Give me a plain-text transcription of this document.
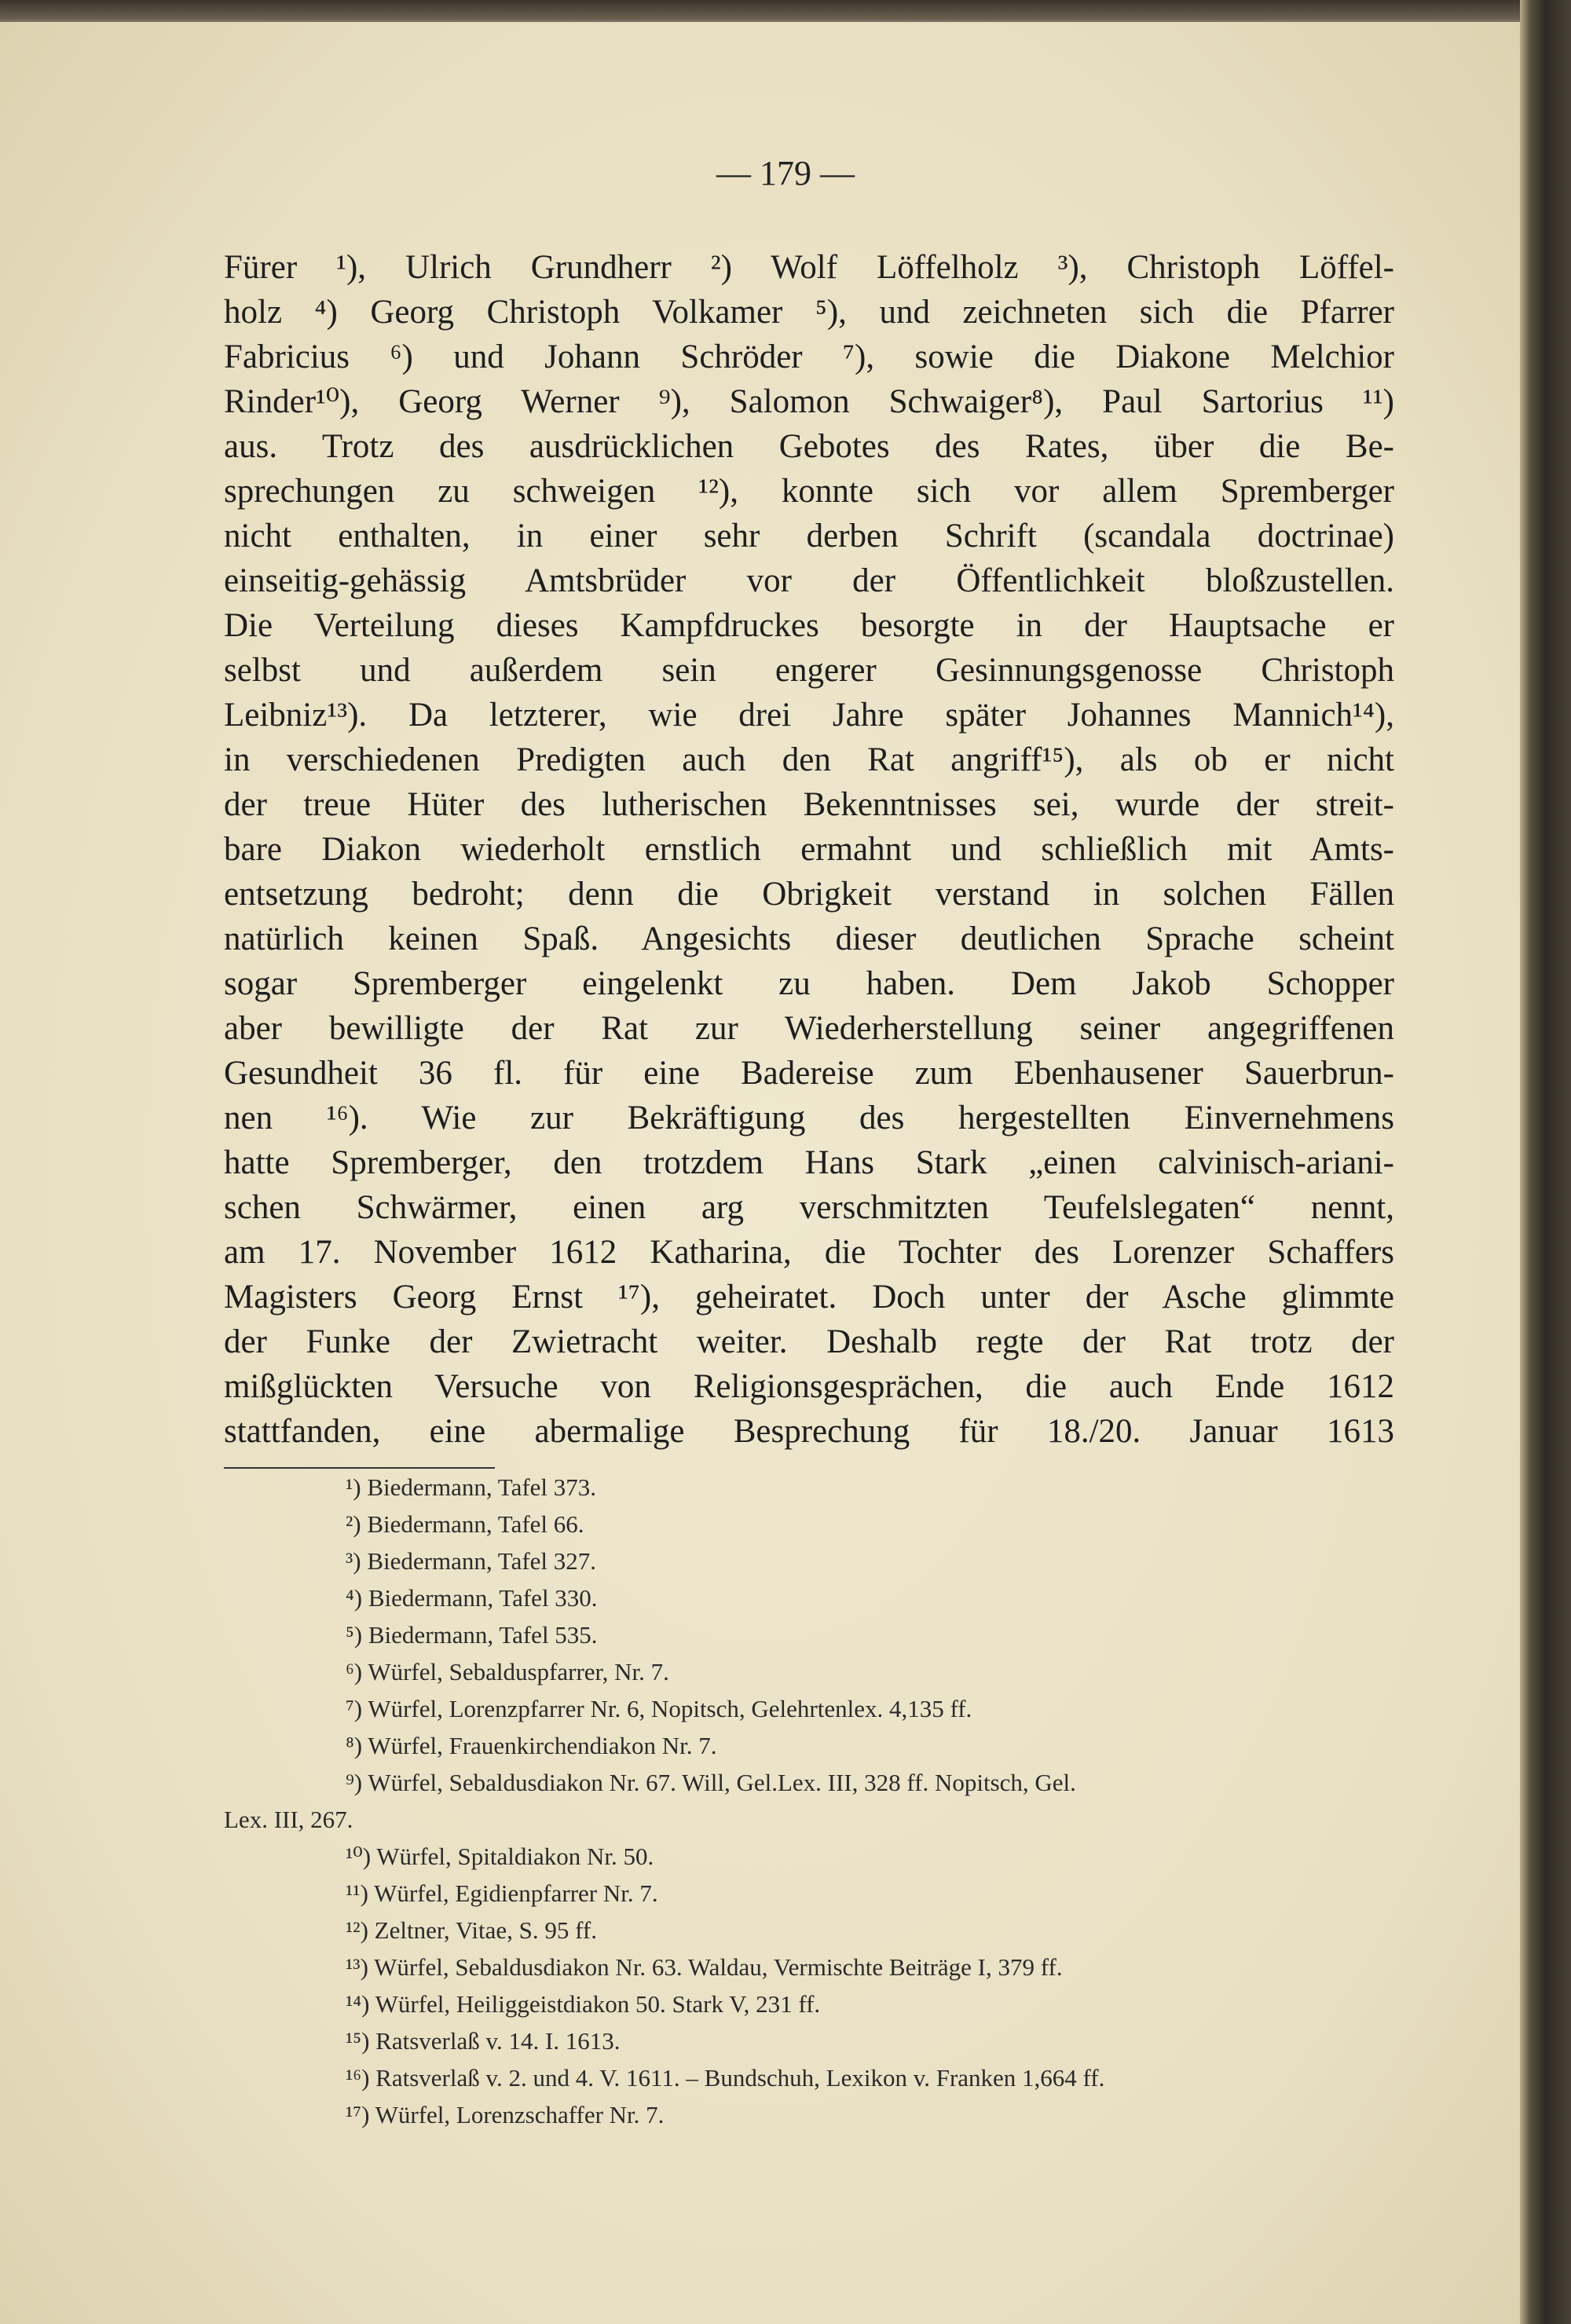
— 179 —
Fürer ¹), Ulrich Grundherr ²) Wolf Löffelholz ³), Christoph Löffel-
holz ⁴) Georg Christoph Volkamer ⁵), und zeichneten sich die Pfarrer
Fabricius ⁶) und Johann Schröder ⁷), sowie die Diakone Melchior
Rinder¹⁰), Georg Werner ⁹), Salomon Schwaiger⁸), Paul Sartorius ¹¹)
aus. Trotz des ausdrücklichen Gebotes des Rates, über die Be-
sprechungen zu schweigen ¹²), konnte sich vor allem Spremberger
nicht enthalten, in einer sehr derben Schrift (scandala doctrinae)
einseitig-gehässig Amtsbrüder vor der Öffentlichkeit bloßzustellen.
Die Verteilung dieses Kampfdruckes besorgte in der Hauptsache er
selbst und außerdem sein engerer Gesinnungsgenosse Christoph
Leibniz¹³). Da letzterer, wie drei Jahre später Johannes Mannich¹⁴),
in verschiedenen Predigten auch den Rat angriff¹⁵), als ob er nicht
der treue Hüter des lutherischen Bekenntnisses sei, wurde der streit-
bare Diakon wiederholt ernstlich ermahnt und schließlich mit Amts-
entsetzung bedroht; denn die Obrigkeit verstand in solchen Fällen
natürlich keinen Spaß. Angesichts dieser deutlichen Sprache scheint
sogar Spremberger eingelenkt zu haben. Dem Jakob Schopper
aber bewilligte der Rat zur Wiederherstellung seiner angegriffenen
Gesundheit 36 fl. für eine Badereise zum Ebenhausener Sauerbrun-
nen ¹⁶). Wie zur Bekräftigung des hergestellten Einvernehmens
hatte Spremberger, den trotzdem Hans Stark „einen calvinisch-ariani-
schen Schwärmer, einen arg verschmitzten Teufelslegaten“ nennt,
am 17. November 1612 Katharina, die Tochter des Lorenzer Schaffers
Magisters Georg Ernst ¹⁷), geheiratet. Doch unter der Asche glimmte
der Funke der Zwietracht weiter. Deshalb regte der Rat trotz der
mißglückten Versuche von Religionsgesprächen, die auch Ende 1612
stattfanden, eine abermalige Besprechung für 18./20. Januar 1613
¹) Biedermann, Tafel 373.
²) Biedermann, Tafel 66.
³) Biedermann, Tafel 327.
⁴) Biedermann, Tafel 330.
⁵) Biedermann, Tafel 535.
⁶) Würfel, Sebalduspfarrer, Nr. 7.
⁷) Würfel, Lorenzpfarrer Nr. 6, Nopitsch, Gelehrtenlex. 4,135 ff.
⁸) Würfel, Frauenkirchendiakon Nr. 7.
⁹) Würfel, Sebaldusdiakon Nr. 67. Will, Gel.Lex. III, 328 ff. Nopitsch, Gel.
Lex. III, 267.
¹⁰) Würfel, Spitaldiakon Nr. 50.
¹¹) Würfel, Egidienpfarrer Nr. 7.
¹²) Zeltner, Vitae, S. 95 ff.
¹³) Würfel, Sebaldusdiakon Nr. 63. Waldau, Vermischte Beiträge I, 379 ff.
¹⁴) Würfel, Heiliggeistdiakon 50. Stark V, 231 ff.
¹⁵) Ratsverlaß v. 14. I. 1613.
¹⁶) Ratsverlaß v. 2. und 4. V. 1611. – Bundschuh, Lexikon v. Franken 1,664 ff.
¹⁷) Würfel, Lorenzschaffer Nr. 7.
